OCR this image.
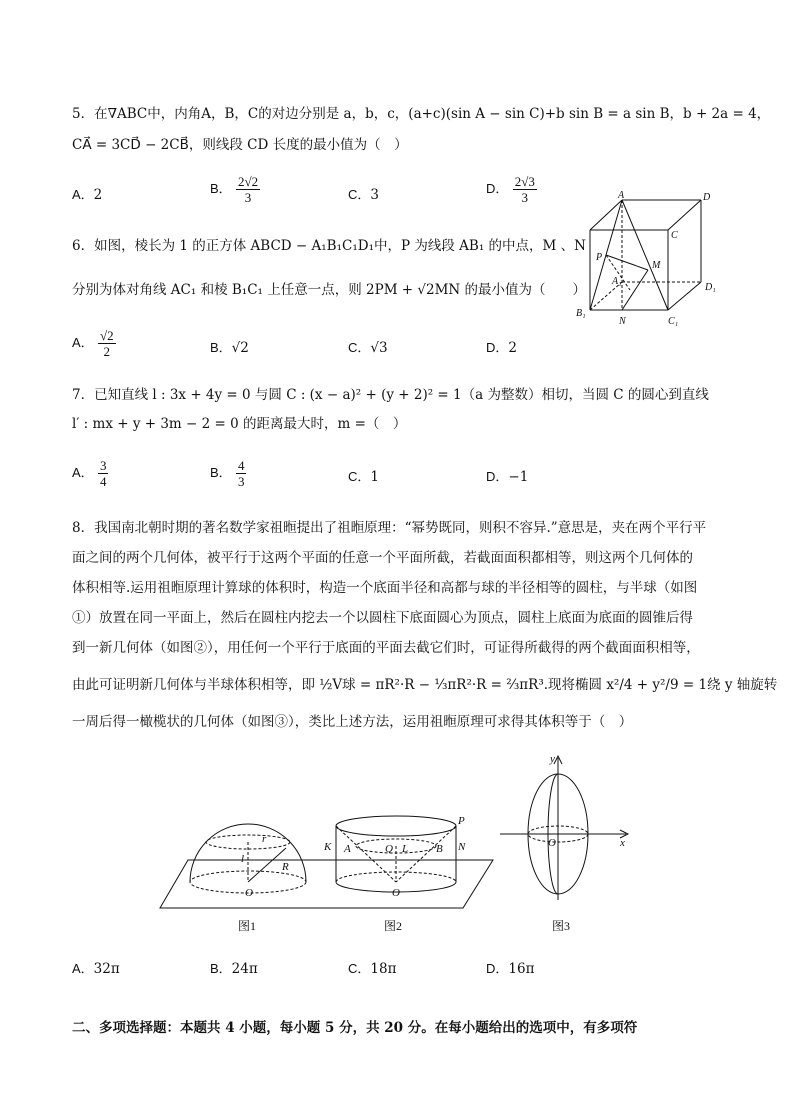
5．在∇ABC中，内角A，B，C的对边分别是 a，b，c，(a+c)(sin A − sin C)+b sin B = a sin B，b + 2a = 4，
CA⃗ = 3CD⃗ − 2CB⃗，则线段 CD 长度的最小值为（　）
A．2	B． $\frac{2√2}{3}$	C．3	D． $\frac{2√3}{3}$
6．如图，棱长为 1 的正方体 ABCD − A₁B₁C₁D₁中，P 为线段 AB₁ 的中点，M 、N
分别为体对角线 AC₁ 和棱 B₁C₁ 上任意一点，则 2PM + √2MN 的最小值为（　　）
A． $\frac{√2}{2}$	B．√2	C．√3	D．2
A	D
C
P
M
A₁
D₁
B₁
N	C₁
7．已知直线 l : 3x + 4y = 0 与圆 C : (x − a)² + (y + 2)² = 1（a 为整数）相切，当圆 C 的圆心到直线
l′ : mx + y + 3m − 2 = 0 的距离最大时，m =（　）
A． $\frac{3}{4}$	B． $\frac{4}{3}$	C．1	D．−1
8．我国南北朝时期的著名数学家祖暅提出了祖暅原理：“幂势既同，则积不容异.”意思是，夹在两个平行平
面之间的两个几何体，被平行于这两个平面的任意一个平面所截，若截面面积都相等，则这两个几何体的
体积相等.运用祖暅原理计算球的体积时，构造一个底面半径和高都与球的半径相等的圆柱，与半球（如图
①）放置在同一平面上，然后在圆柱内挖去一个以圆柱下底面圆心为顶点，圆柱上底面为底面的圆锥后得
到一新几何体（如图②），用任何一个平行于底面的平面去截它们时，可证得所截得的两个截面面积相等，
由此可证明新几何体与半球体积相等，即 ½V球 = πR²·R − ⅓πR²·R = ⅔πR³.现将椭圆 x²/4 + y²/9 = 1绕 y 轴旋转
一周后得一橄榄状的几何体（如图③），类比上述方法，运用祖暅原理可求得其体积等于（　）
r
l
R
O
K A	Q L	B N
P
O
图1	图2
y
O	x
图3
A．32π	B．24π	C．18π	D．16π
二、多项选择题：本题共 4 小题，每小题 5 分，共 20 分。在每小题给出的选项中，有多项符
